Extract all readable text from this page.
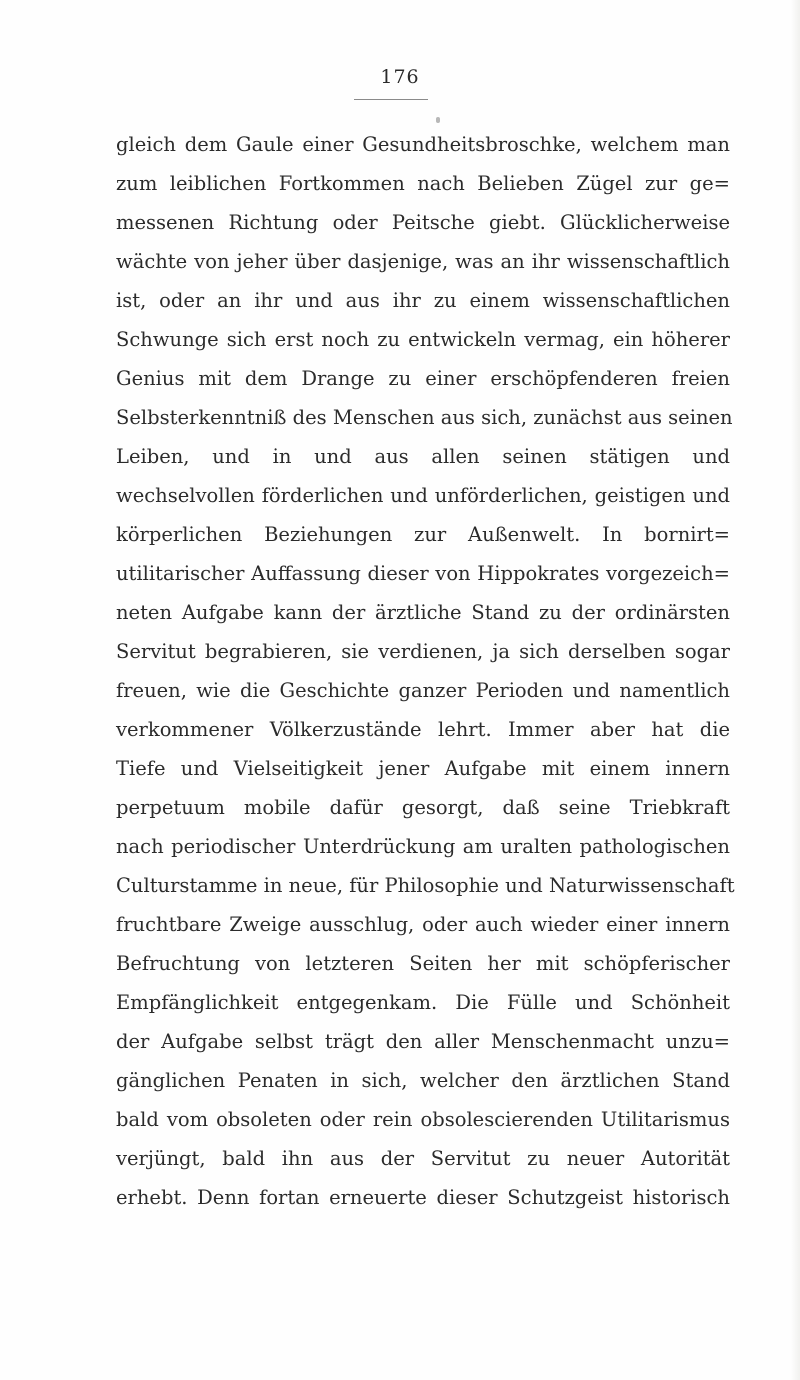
176
gleich dem Gaule einer Gesundheitsbroschke, welchem man
zum leiblichen Fortkommen nach Belieben Zügel zur ge=
messenen Richtung oder Peitsche giebt. Glücklicherweise
wächte von jeher über dasjenige, was an ihr wissenschaftlich
ist, oder an ihr und aus ihr zu einem wissenschaftlichen
Schwunge sich erst noch zu entwickeln vermag, ein höherer
Genius mit dem Drange zu einer erschöpfenderen freien
Selbsterkenntniß des Menschen aus sich, zunächst aus seinen
Leiben, und in und aus allen seinen stätigen und
wechselvollen förderlichen und unförderlichen, geistigen und
körperlichen Beziehungen zur Außenwelt. In bornirt=
utilitarischer Auffassung dieser von Hippokrates vorgezeich=
neten Aufgabe kann der ärztliche Stand zu der ordinärsten
Servitut begrabieren, sie verdienen, ja sich derselben sogar
freuen, wie die Geschichte ganzer Perioden und namentlich
verkommener Völkerzustände lehrt. Immer aber hat die
Tiefe und Vielseitigkeit jener Aufgabe mit einem innern
perpetuum mobile dafür gesorgt, daß seine Triebkraft
nach periodischer Unterdrückung am uralten pathologischen
Culturstamme in neue, für Philosophie und Naturwissenschaft
fruchtbare Zweige ausschlug, oder auch wieder einer innern
Befruchtung von letzteren Seiten her mit schöpferischer
Empfänglichkeit entgegenkam. Die Fülle und Schönheit
der Aufgabe selbst trägt den aller Menschenmacht unzu=
gänglichen Penaten in sich, welcher den ärztlichen Stand
bald vom obsoleten oder rein obsolescierenden Utilitarismus
verjüngt, bald ihn aus der Servitut zu neuer Autorität
erhebt. Denn fortan erneuerte dieser Schutzgeist historisch
